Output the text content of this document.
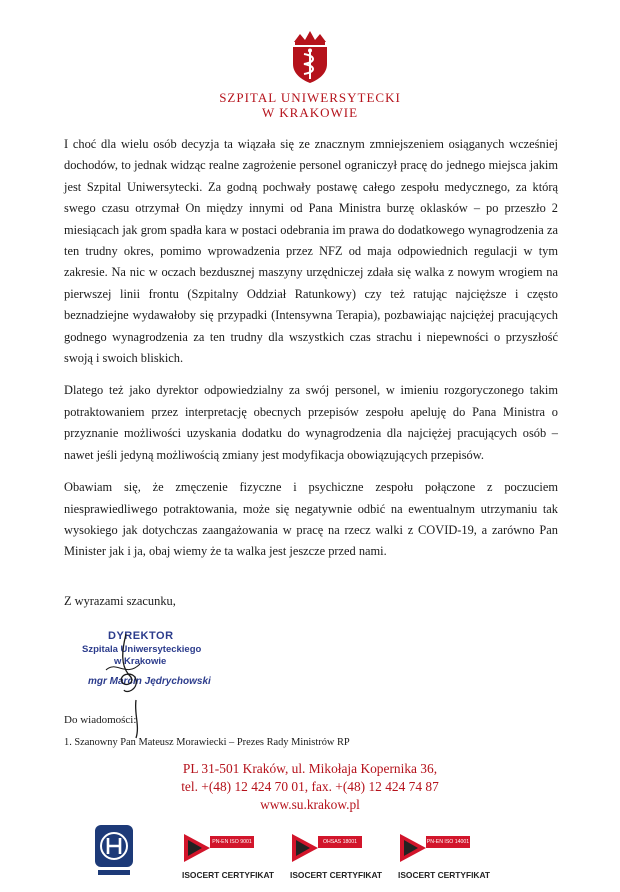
SZPITAL UNIWERSYTECKI
W KRAKOWIE

I choć dla wielu osób decyzja ta wiązała się ze znacznym zmniejszeniem osiąganych wcześniej dochodów, to jednak widząc realne zagrożenie personel ograniczył pracę do jednego miejsca jakim jest Szpital Uniwersytecki. Za godną pochwały postawę całego zespołu medycznego, za którą swego czasu otrzymał On między innymi od Pana Ministra burzę oklasków – po przeszło 2 miesiącach jak grom spadła kara w postaci odebrania im prawa do dodatkowego wynagrodzenia za ten trudny okres, pomimo wprowadzenia przez NFZ od maja odpowiednich regulacji w tym zakresie. Na nic w oczach bezdusznej maszyny urzędniczej zdała się walka z nowym wrogiem na pierwszej linii frontu (Szpitalny Oddział Ratunkowy) czy też ratując najcięższe i często beznadziejne wydawałoby się przypadki (Intensywna Terapia), pozbawiając najciężej pracujących godnego wynagrodzenia za ten trudny dla wszystkich czas strachu i niepewności o przyszłość swoją i swoich bliskich.

Dlatego też jako dyrektor odpowiedzialny za swój personel, w imieniu rozgoryczonego takim potraktowaniem przez interpretację obecnych przepisów zespołu apeluję do Pana Ministra o przyznanie możliwości uzyskania dodatku do wynagrodzenia dla najciężej pracujących osób – nawet jeśli jedyną możliwością zmiany jest modyfikacja obowiązujących przepisów.

Obawiam się, że zmęczenie fizyczne i psychiczne zespołu połączone z poczuciem niesprawiedliwego potraktowania, może się negatywnie odbić na ewentualnym utrzymaniu tak wysokiego jak dotychczas zaangażowania w pracę na rzecz walki z COVID-19, a zarówno Pan Minister jak i ja, obaj wiemy że ta walka jest jeszcze przed nami.

Z wyrazami szacunku,
DYREKTOR
Szpitala Uniwersyteckiego
w Krakowie
mgr Marcin Jędrychowski
Do wiadomości:
1. Szanowny Pan Mateusz Morawiecki – Prezes Rady Ministrów RP
PL 31-501 Kraków, ul. Mikołaja Kopernika 36,
tel. +(48) 12 424 70 01, fax. +(48) 12 424 74 87
www.su.krakow.pl
PN-EN ISO 9001
ISOCERT CERTYFIKAT
OHSAS 18001
ISOCERT CERTYFIKAT
PN-EN ISO 14001
ISOCERT CERTYFIKAT
